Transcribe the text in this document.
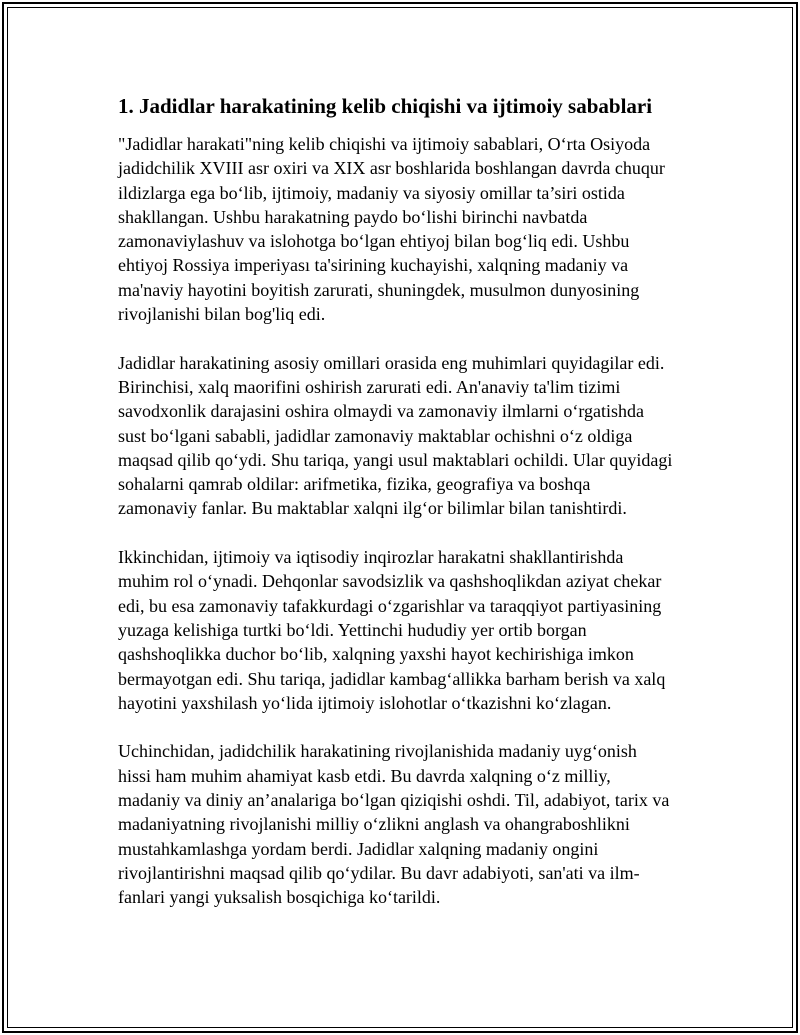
1. Jadidlar harakatining kelib chiqishi va ijtimoiy sabablari

"Jadidlar harakati"ning kelib chiqishi va ijtimoiy sabablari, O‘rta Osiyoda
jadidchilik XVIII asr oxiri va XIX asr boshlarida boshlangan davrda chuqur
ildizlarga ega bo‘lib, ijtimoiy, madaniy va siyosiy omillar ta’siri ostida
shakllangan. Ushbu harakatning paydo bo‘lishi birinchi navbatda
zamonaviylashuv va islohotga bo‘lgan ehtiyoj bilan bog‘liq edi. Ushbu
ehtiyoj Rossiya imperiyası ta'sirining kuchayishi, xalqning madaniy va
ma'naviy hayotini boyitish zarurati, shuningdek, musulmon dunyosining
rivojlanishi bilan bog'liq edi.

Jadidlar harakatining asosiy omillari orasida eng muhimlari quyidagilar edi.
Birinchisi, xalq maorifini oshirish zarurati edi. An'anaviy ta'lim tizimi
savodxonlik darajasini oshira olmaydi va zamonaviy ilmlarni o‘rgatishda
sust bo‘lgani sababli, jadidlar zamonaviy maktablar ochishni o‘z oldiga
maqsad qilib qo‘ydi. Shu tariqa, yangi usul maktablari ochildi. Ular quyidagi
sohalarni qamrab oldilar: arifmetika, fizika, geografiya va boshqa
zamonaviy fanlar. Bu maktablar xalqni ilg‘or bilimlar bilan tanishtirdi.

Ikkinchidan, ijtimoiy va iqtisodiy inqirozlar harakatni shakllantirishda
muhim rol o‘ynadi. Dehqonlar savodsizlik va qashshoqlikdan aziyat chekar
edi, bu esa zamonaviy tafakkurdagi o‘zgarishlar va taraqqiyot partiyasining
yuzaga kelishiga turtki bo‘ldi. Yettinchi hududiy yer ortib borgan
qashshoqlikka duchor bo‘lib, xalqning yaxshi hayot kechirishiga imkon
bermayotgan edi. Shu tariqa, jadidlar kambag‘allikka barham berish va xalq
hayotini yaxshilash yo‘lida ijtimoiy islohotlar o‘tkazishni ko‘zlagan.

Uchinchidan, jadidchilik harakatining rivojlanishida madaniy uyg‘onish
hissi ham muhim ahamiyat kasb etdi. Bu davrda xalqning o‘z milliy,
madaniy va diniy an’analariga bo‘lgan qiziqishi oshdi. Til, adabiyot, tarix va
madaniyatning rivojlanishi milliy o‘zlikni anglash va ohangraboshlikni
mustahkamlashga yordam berdi. Jadidlar xalqning madaniy ongini
rivojlantirishni maqsad qilib qo‘ydilar. Bu davr adabiyoti, san'ati va ilm-
fanlari yangi yuksalish bosqichiga ko‘tarildi.
